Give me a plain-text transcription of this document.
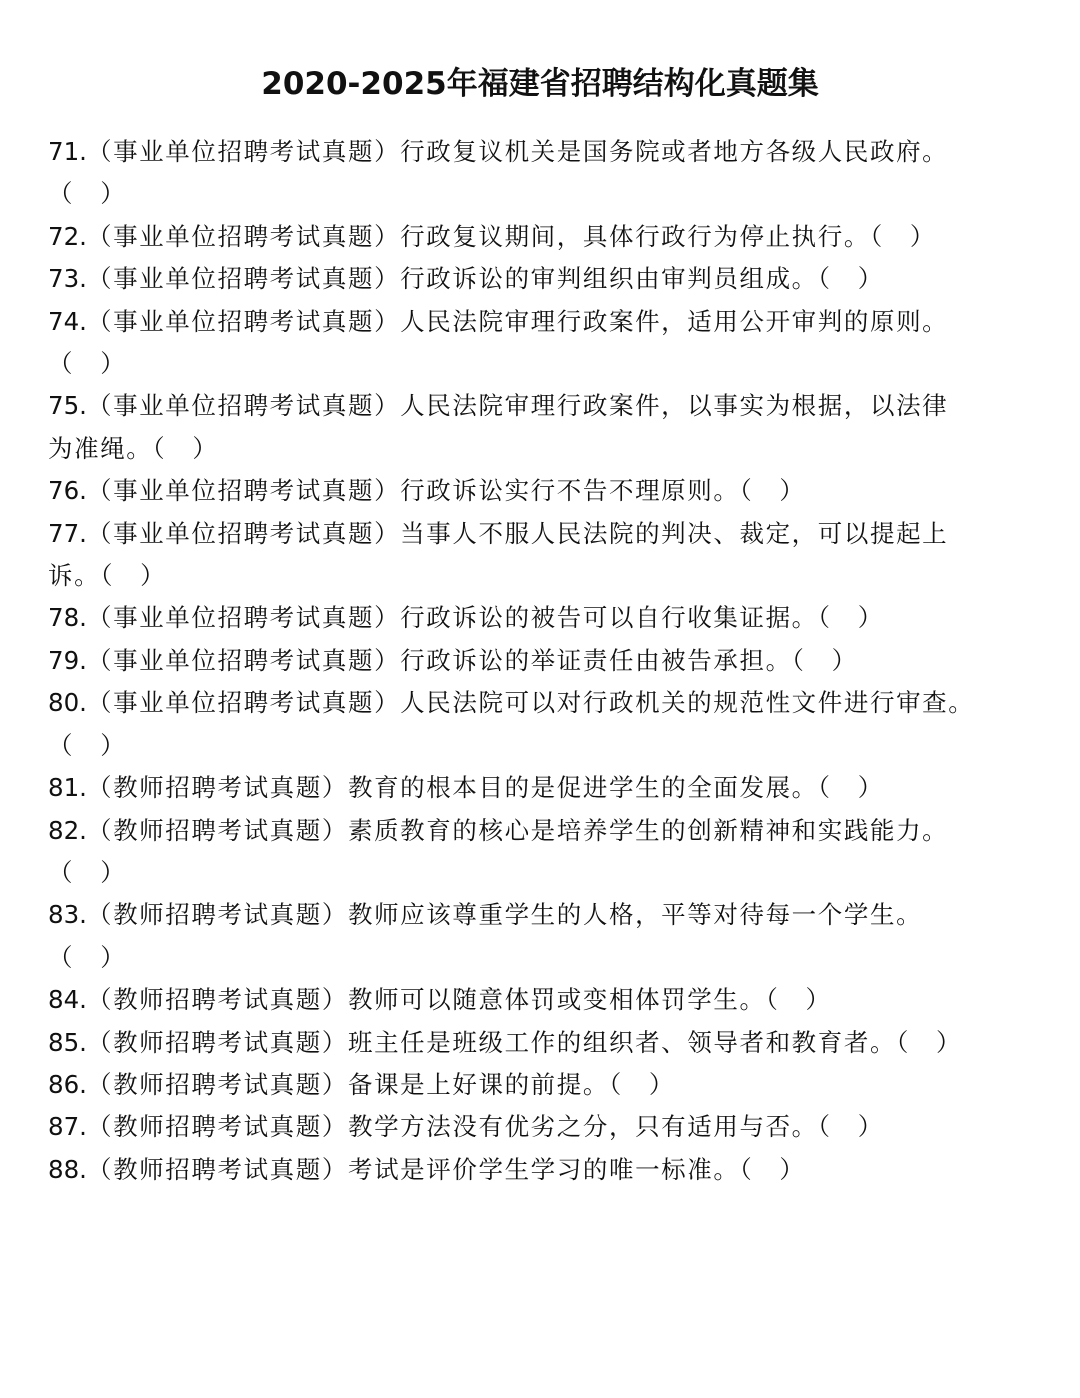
2020-2025年福建省招聘结构化真题集
71.（事业单位招聘考试真题）行政复议机关是国务院或者地方各级人民政府。
（　）
72.（事业单位招聘考试真题）行政复议期间，具体行政行为停止执行。（　）
73.（事业单位招聘考试真题）行政诉讼的审判组织由审判员组成。（　）
74.（事业单位招聘考试真题）人民法院审理行政案件，适用公开审判的原则。
（　）
75.（事业单位招聘考试真题）人民法院审理行政案件，以事实为根据，以法律
为准绳。（　）
76.（事业单位招聘考试真题）行政诉讼实行不告不理原则。（　）
77.（事业单位招聘考试真题）当事人不服人民法院的判决、裁定，可以提起上
诉。（　）
78.（事业单位招聘考试真题）行政诉讼的被告可以自行收集证据。（　）
79.（事业单位招聘考试真题）行政诉讼的举证责任由被告承担。（　）
80.（事业单位招聘考试真题）人民法院可以对行政机关的规范性文件进行审查。
（　）
81.（教师招聘考试真题）教育的根本目的是促进学生的全面发展。（　）
82.（教师招聘考试真题）素质教育的核心是培养学生的创新精神和实践能力。
（　）
83.（教师招聘考试真题）教师应该尊重学生的人格，平等对待每一个学生。
（　）
84.（教师招聘考试真题）教师可以随意体罚或变相体罚学生。（　）
85.（教师招聘考试真题）班主任是班级工作的组织者、领导者和教育者。（　）
86.（教师招聘考试真题）备课是上好课的前提。（　）
87.（教师招聘考试真题）教学方法没有优劣之分，只有适用与否。（　）
88.（教师招聘考试真题）考试是评价学生学习的唯一标准。（　）
